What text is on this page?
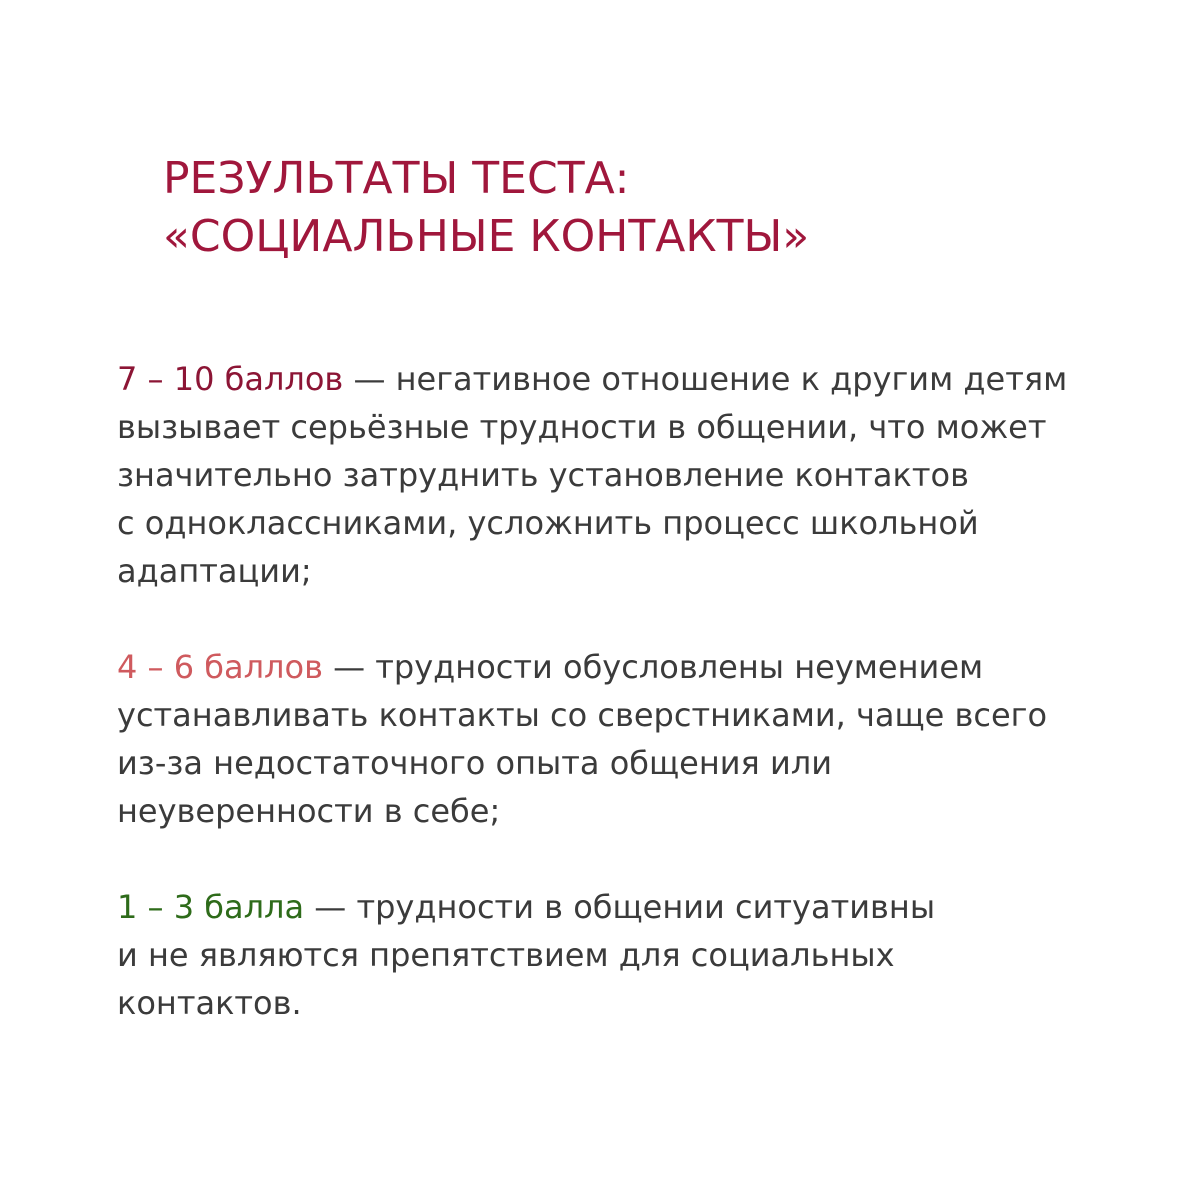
РЕЗУЛЬТАТЫ ТЕСТА:
«СОЦИАЛЬНЫЕ КОНТАКТЫ»

7 – 10 баллов — негативное отношение к другим детям
вызывает серьёзные трудности в общении, что может
значительно затруднить установление контактов
с одноклассниками, усложнить процесс школьной
адаптации;

4 – 6 баллов — трудности обусловлены неумением
устанавливать контакты со сверстниками, чаще всего
из-за недостаточного опыта общения или
неуверенности в себе;

1 – 3 балла — трудности в общении ситуативны
и не являются препятствием для социальных
контактов.
